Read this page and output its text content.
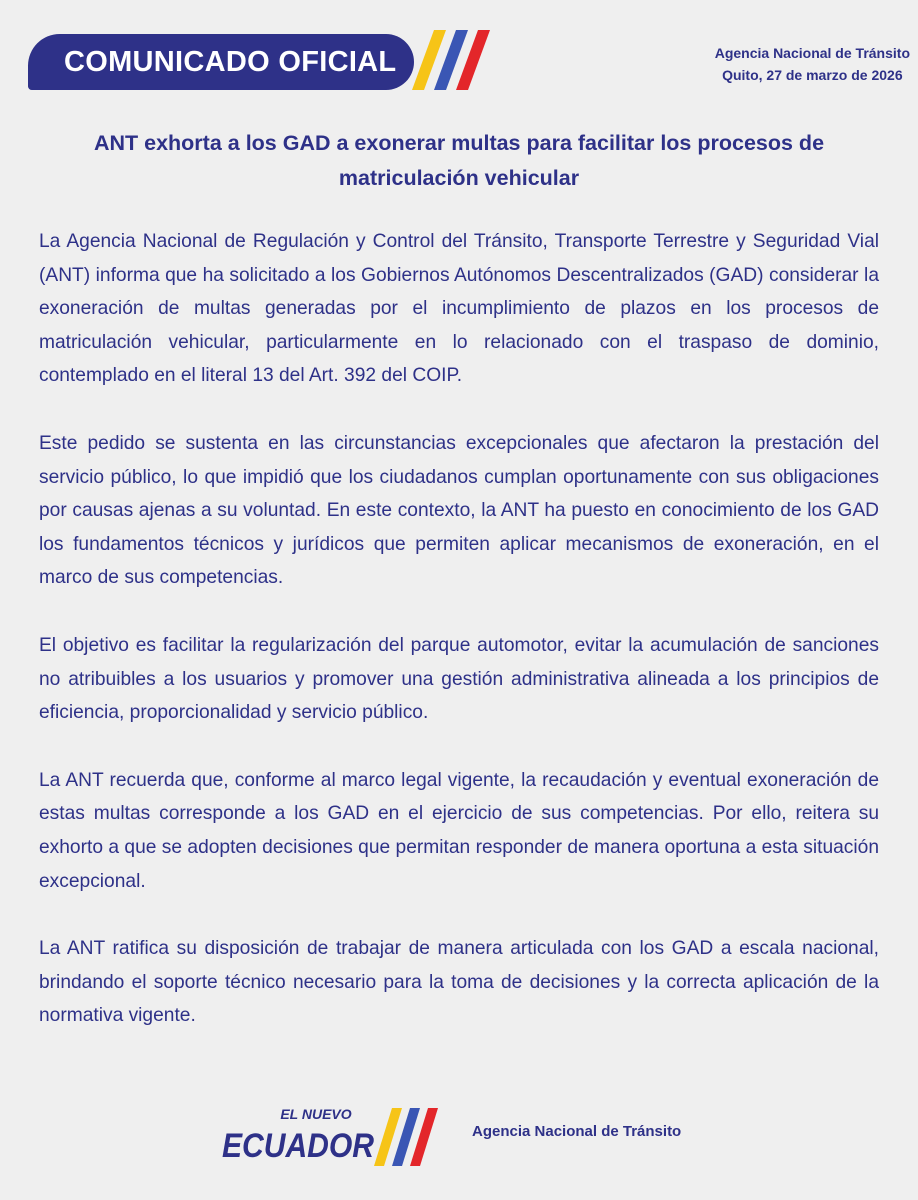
COMUNICADO OFICIAL	Agencia Nacional de Tránsito
Quito, 27 de marzo de 2026
ANT exhorta a los GAD a exonerar multas para facilitar los procesos de matriculación vehicular

La Agencia Nacional de Regulación y Control del Tránsito, Transporte Terrestre y Seguridad Vial (ANT) informa que ha solicitado a los Gobiernos Autónomos Descentralizados (GAD) considerar la exoneración de multas generadas por el incumplimiento de plazos en los procesos de matriculación vehicular, particularmente en lo relacionado con el traspaso de dominio, contemplado en el literal 13 del Art. 392 del COIP.

Este pedido se sustenta en las circunstancias excepcionales que afectaron la prestación del servicio público, lo que impidió que los ciudadanos cumplan oportunamente con sus obligaciones por causas ajenas a su voluntad. En este contexto, la ANT ha puesto en conocimiento de los GAD los fundamentos técnicos y jurídicos que permiten aplicar mecanismos de exoneración, en el marco de sus competencias.

El objetivo es facilitar la regularización del parque automotor, evitar la acumulación de sanciones no atribuibles a los usuarios y promover una gestión administrativa alineada a los principios de eficiencia, proporcionalidad y servicio público.

La ANT recuerda que, conforme al marco legal vigente, la recaudación y eventual exoneración de estas multas corresponde a los GAD en el ejercicio de sus competencias. Por ello, reitera su exhorto a que se adopten decisiones que permitan responder de manera oportuna a esta situación excepcional.

La ANT ratifica su disposición de trabajar de manera articulada con los GAD a escala nacional, brindando el soporte técnico necesario para la toma de decisiones y la correcta aplicación de la normativa vigente.

EL NUEVO
ECUADOR	Agencia Nacional de Tránsito
